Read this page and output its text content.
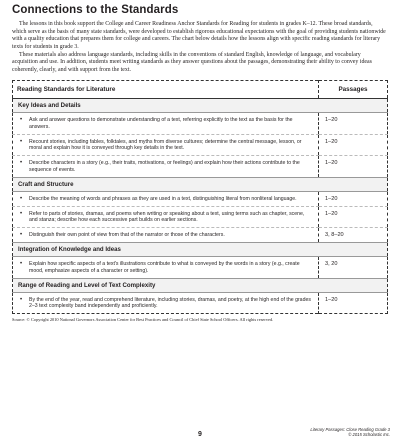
Connections to the Standards

The lessons in this book support the College and Career Readiness Anchor Standards for Reading for students in grades K–12. These broad standards, which serve as the basis of many state standards, were developed to establish rigorous educational expectations with the goal of providing students nationwide with a quality education that prepares them for college and careers. The chart below details how the lessons align with specific reading standards for literary texts for students in grade 3.

These materials also address language standards, including skills in the conventions of standard English, knowledge of language, and vocabulary acquisition and use. In addition, students meet writing standards as they answer questions about the passages, demonstrating their ability to convey ideas coherently, clearly, and with support from the text.

Reading Standards for Literature	Passages
Key Ideas and Details	

• Ask and answer questions to demonstrate understanding of a text, referring explicitly to the text as the basis for the answers.	1–20

• Recount stories, including fables, folktales, and myths from diverse cultures; determine the central message, lesson, or moral and explain how it is conveyed through key details in the text.	1–20

• Describe characters in a story (e.g., their traits, motivations, or feelings) and explain how their actions contribute to the sequence of events.	1–20
Craft and Structure	

• Describe the meaning of words and phrases as they are used in a text, distinguishing literal from nonliteral language.	1–20

• Refer to parts of stories, dramas, and poems when writing or speaking about a text, using terms such as chapter, scene, and stanza; describe how each successive part builds on earlier sections.	1–20

• Distinguish their own point of view from that of the narrator or those of the characters.	3, 8–20
Integration of Knowledge and Ideas	

• Explain how specific aspects of a text's illustrations contribute to what is conveyed by the words in a story (e.g., create mood, emphasize aspects of a character or setting).	3, 20
Range of Reading and Level of Text Complexity	

• By the end of the year, read and comprehend literature, including stories, dramas, and poetry, at the high end of the grades 2–3 text complexity band independently and proficiently.	1–20
Source: © Copyright 2010 National Governors Association Center for Best Practices and Council of Chief State School Officers. All rights reserved.
9
Literary Passages: Close Reading Grade 3
© 2015 Scholastic Inc.
